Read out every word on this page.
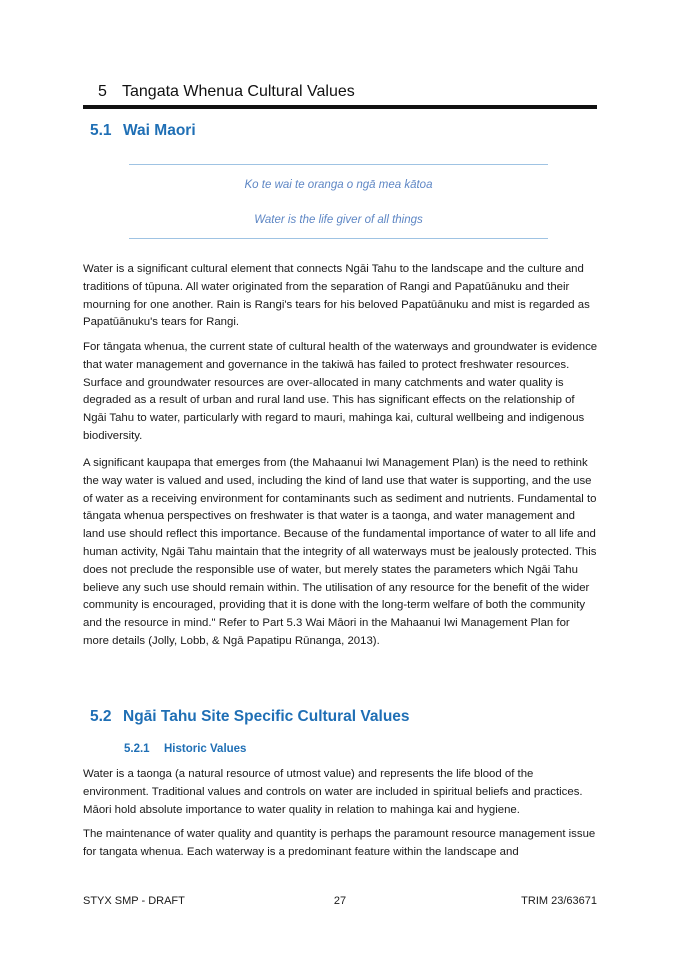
5 Tangata Whenua Cultural Values
5.1 Wai Maori
Ko te wai te oranga o ngā mea kātoa
Water is the life giver of all things

Water is a significant cultural element that connects Ngāi Tahu to the landscape and the culture and traditions of tūpuna. All water originated from the separation of Rangi and Papatūānuku and their mourning for one another. Rain is Rangi's tears for his beloved Papatūānuku and mist is regarded as Papatūānuku's tears for Rangi.

For tāngata whenua, the current state of cultural health of the waterways and groundwater is evidence that water management and governance in the takiwā has failed to protect freshwater resources. Surface and groundwater resources are over-allocated in many catchments and water quality is degraded as a result of urban and rural land use. This has significant effects on the relationship of Ngāi Tahu to water, particularly with regard to mauri, mahinga kai, cultural wellbeing and indigenous biodiversity.

A significant kaupapa that emerges from (the Mahaanui Iwi Management Plan) is the need to rethink the way water is valued and used, including the kind of land use that water is supporting, and the use of water as a receiving environment for contaminants such as sediment and nutrients. Fundamental to tāngata whenua perspectives on freshwater is that water is a taonga, and water management and land use should reflect this importance. Because of the fundamental importance of water to all life and human activity, Ngāi Tahu maintain that the integrity of all waterways must be jealously protected. This does not preclude the responsible use of water, but merely states the parameters which Ngāi Tahu believe any such use should remain within. The utilisation of any resource for the benefit of the wider community is encouraged, providing that it is done with the long-term welfare of both the community and the resource in mind." Refer to Part 5.3 Wai Māori in the Mahaanui Iwi Management Plan for more details (Jolly, Lobb, & Ngā Papatipu Rūnanga, 2013).

5.2 Ngāi Tahu Site Specific Cultural Values
5.2.1 Historic Values

Water is a taonga (a natural resource of utmost value) and represents the life blood of the environment. Traditional values and controls on water are included in spiritual beliefs and practices. Māori hold absolute importance to water quality in relation to mahinga kai and hygiene.

The maintenance of water quality and quantity is perhaps the paramount resource management issue for tangata whenua. Each waterway is a predominant feature within the landscape and

STYX SMP - DRAFT	27	TRIM 23/63671
